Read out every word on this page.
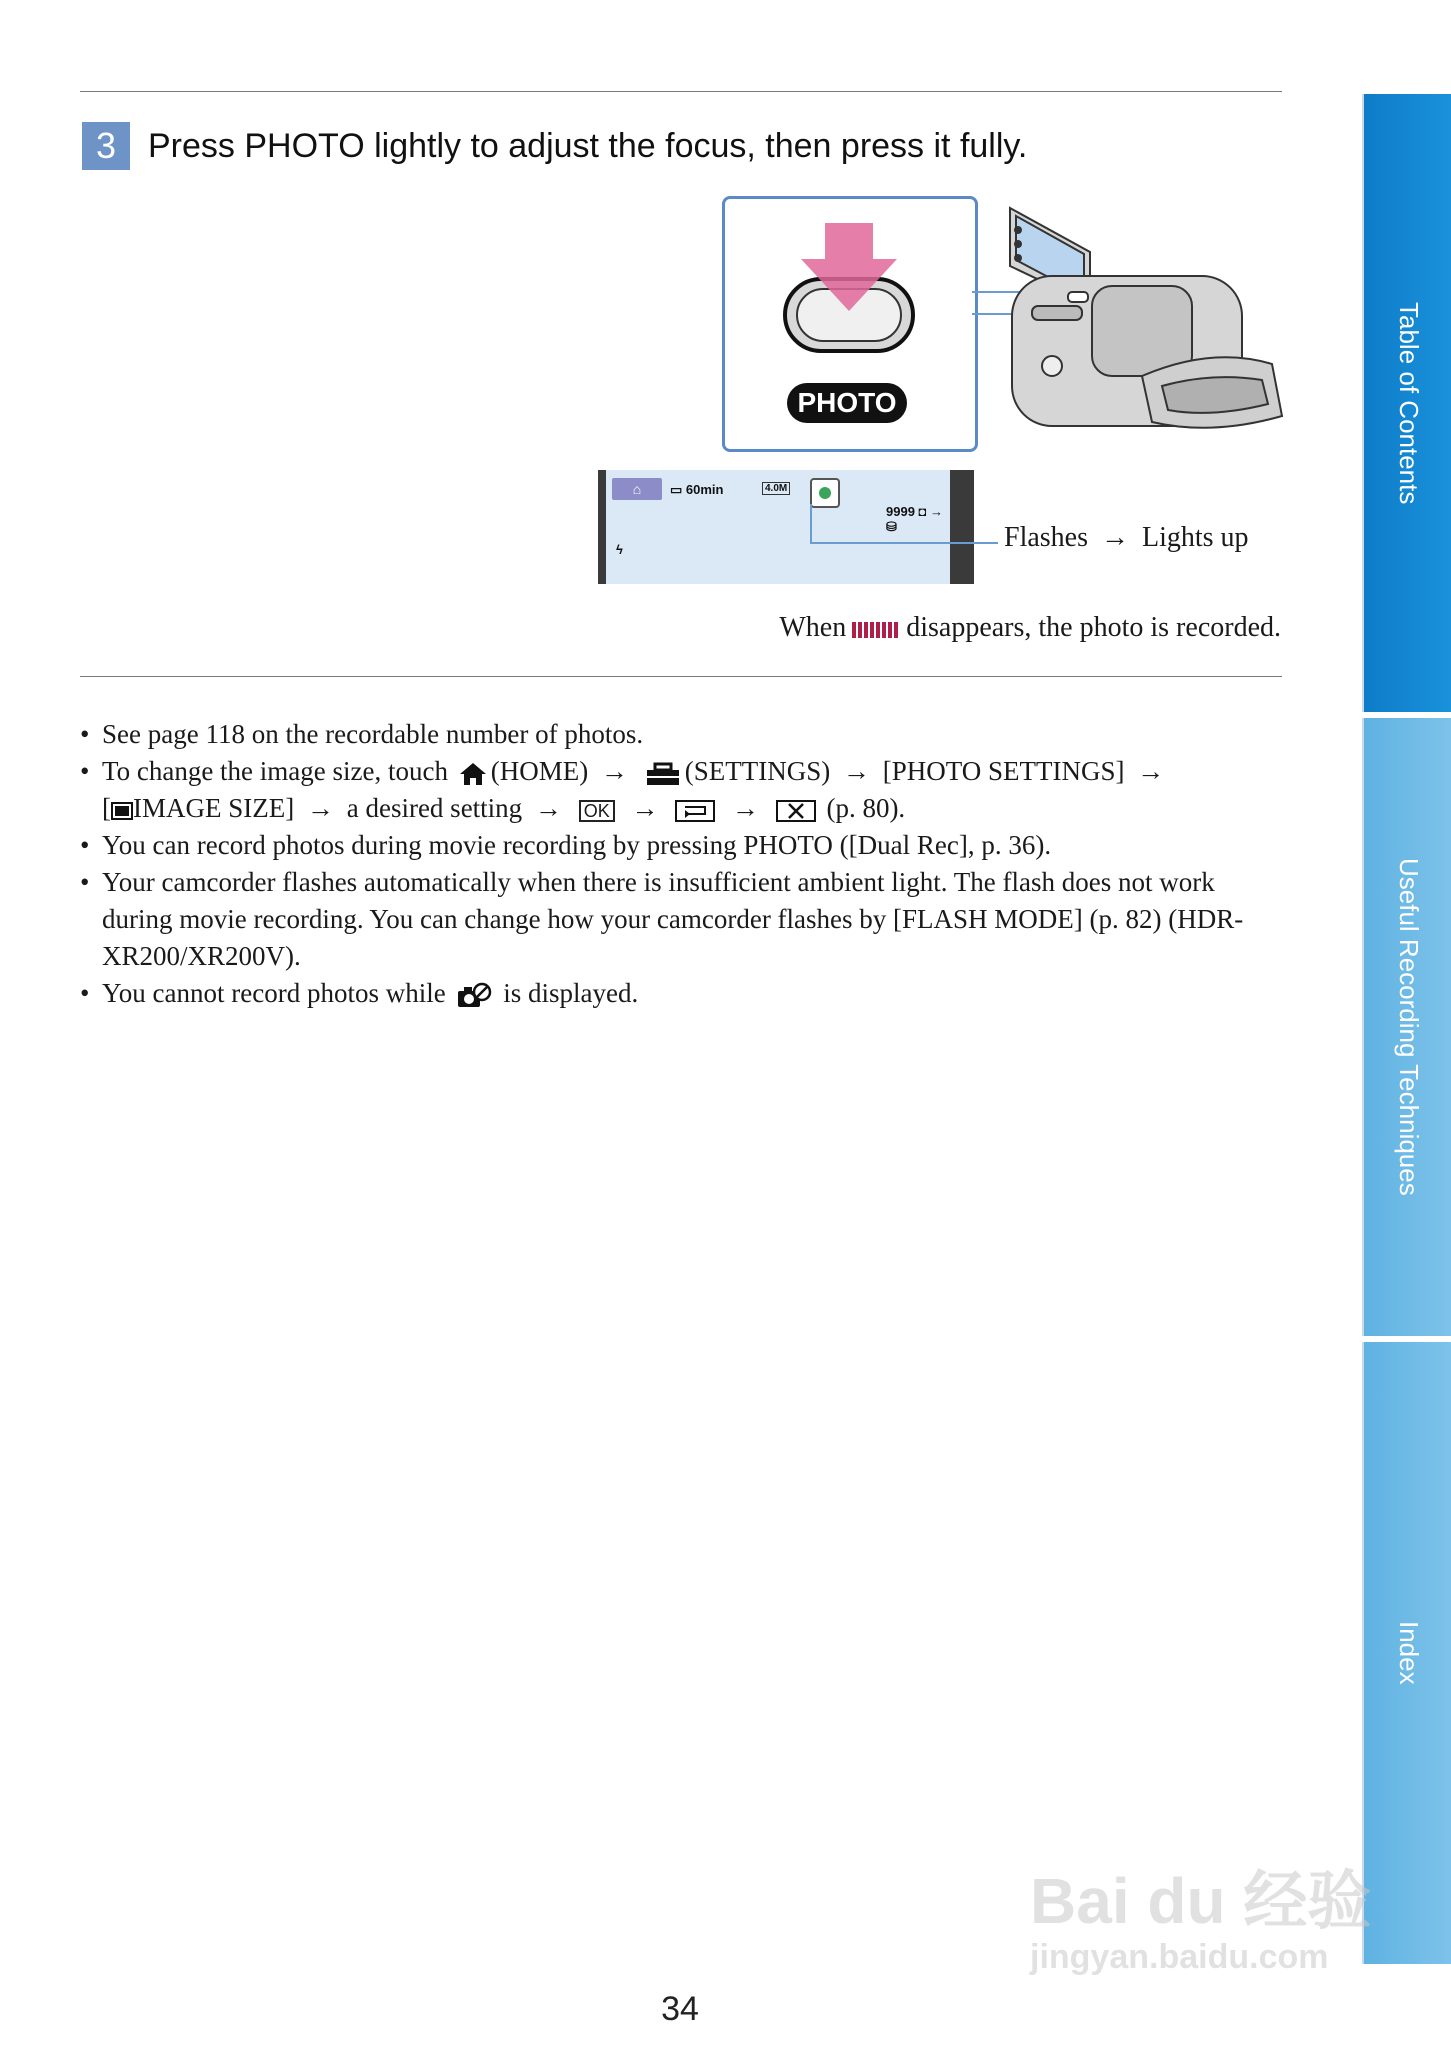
3 Press PHOTO lightly to adjust the focus, then press it fully.
PHOTO
⌂	▭ 60min	4.0M
9999 ◘ →⛁
ϟ	Flashes → Lights up
When disappears, the photo is recorded.
• See page 118 on the recordable number of photos.
• To change the image size, touch (HOME) → (SETTINGS) → [PHOTO SETTINGS] →
[ IMAGE SIZE] → a desired setting → OK →	→	(p. 80).
• You can record photos during movie recording by pressing PHOTO ([Dual Rec], p. 36).
• Your camcorder flashes automatically when there is insufficient ambient light. The flash does not work during movie recording. You can change how your camcorder flashes by [FLASH MODE] (p. 82) (HDR-XR200/XR200V).
• You cannot record photos while is displayed.
Table of Contents
Useful Recording Techniques
Index
34
Bai du 经验
jingyan.baidu.com
